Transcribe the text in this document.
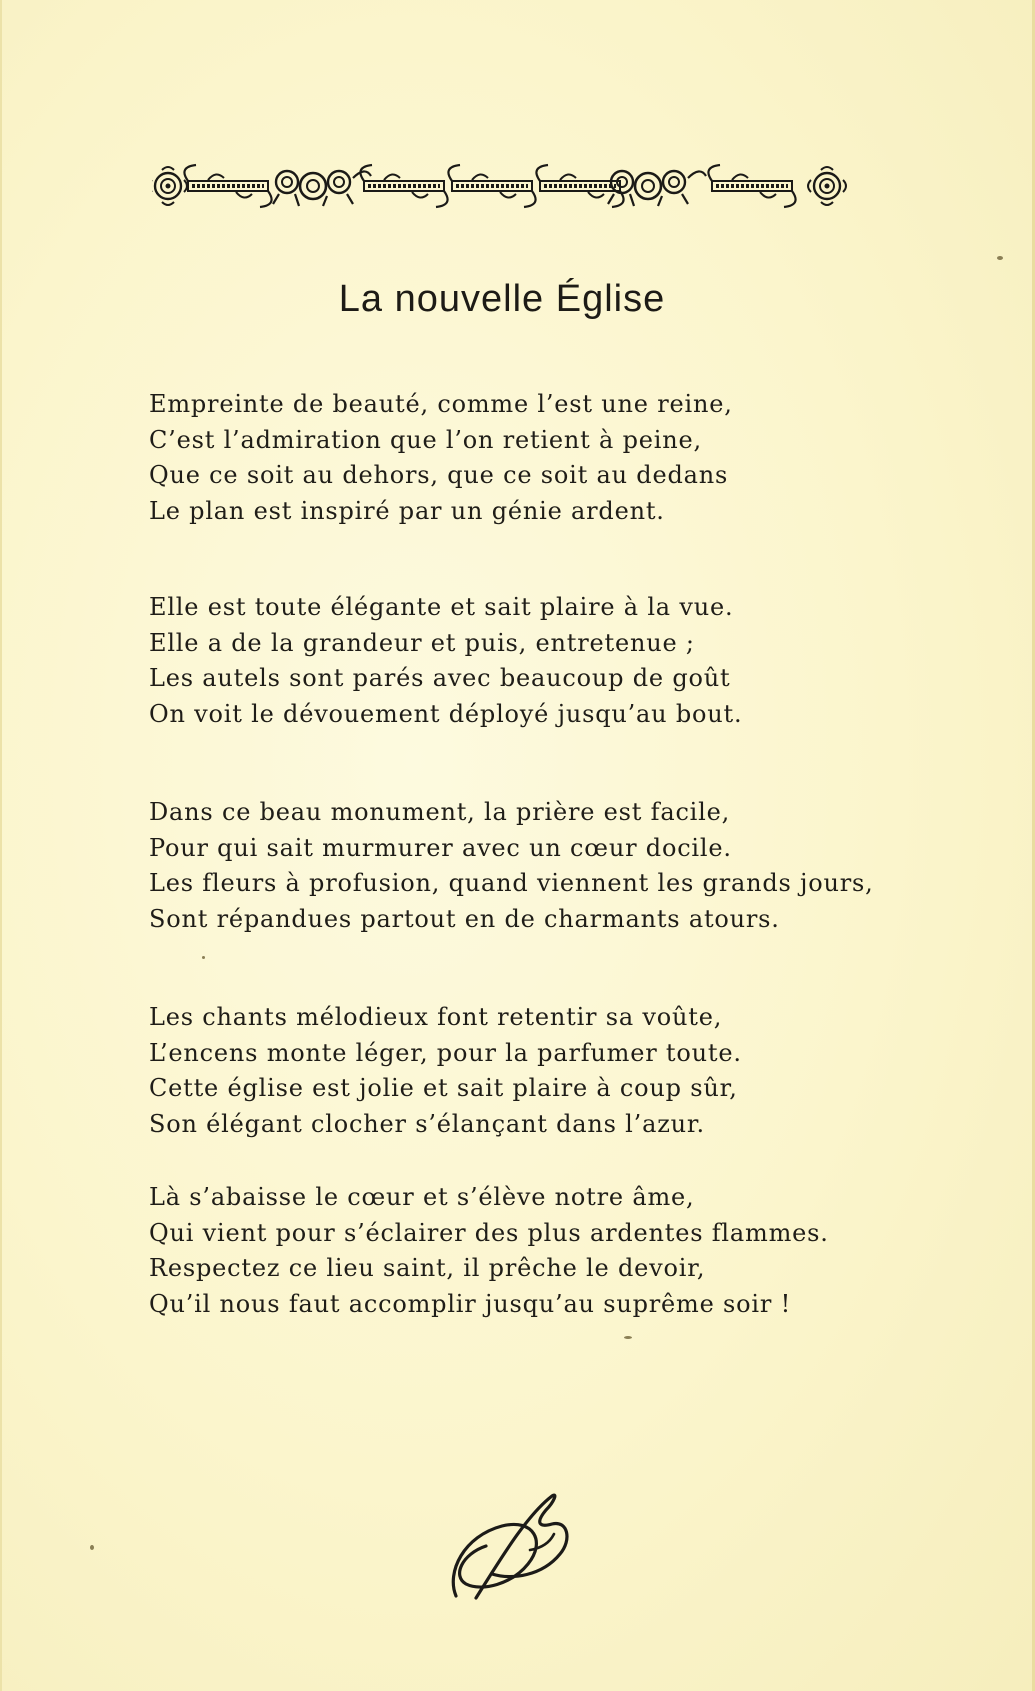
La nouvelle Église
Empreinte de beauté, comme l’est une reine,
C’est l’admiration que l’on retient à peine,
Que ce soit au dehors, que ce soit au dedans
Le plan est inspiré par un génie ardent.
Elle est toute élégante et sait plaire à la vue.
Elle a de la grandeur et puis, entretenue ;
Les autels sont parés avec beaucoup de goût
On voit le dévouement déployé jusqu’au bout.
Dans ce beau monument, la prière est facile,
Pour qui sait murmurer avec un cœur docile.
Les fleurs à profusion, quand viennent les grands jours,
Sont répandues partout en de charmants atours.
Les chants mélodieux font retentir sa voûte,
L’encens monte léger, pour la parfumer toute.
Cette église est jolie et sait plaire à coup sûr,
Son élégant clocher s’élançant dans l’azur.
Là s’abaisse le cœur et s’élève notre âme,
Qui vient pour s’éclairer des plus ardentes flammes.
Respectez ce lieu saint, il prêche le devoir,
Qu’il nous faut accomplir jusqu’au suprême soir !
